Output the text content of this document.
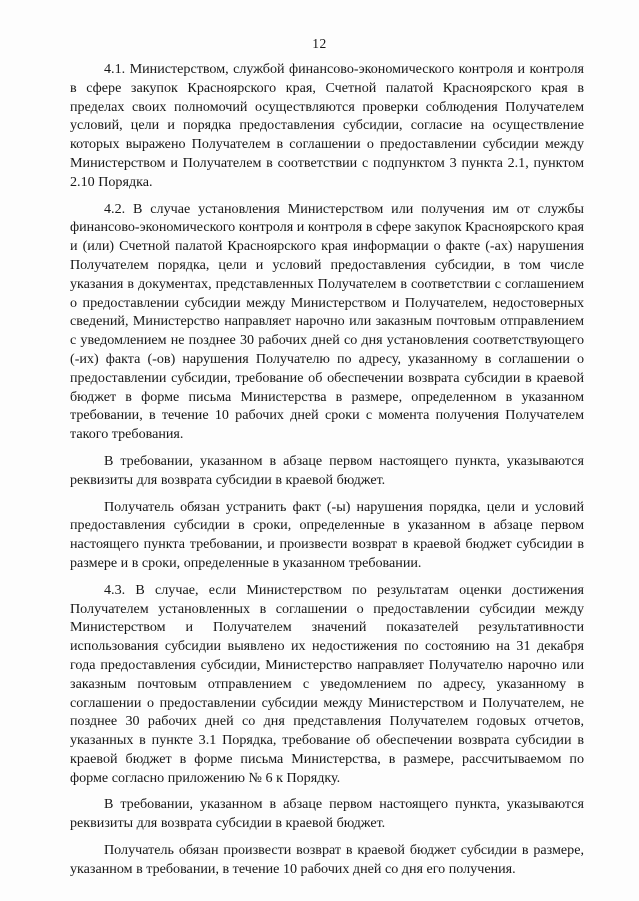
12

4.1. Министерством, службой финансово-экономического контроля и контроля в сфере закупок Красноярского края, Счетной палатой Красноярского края в пределах своих полномочий осуществляются проверки соблюдения Получателем условий, цели и порядка предоставления субсидии, согласие на осуществление которых выражено Получателем в соглашении о предоставлении субсидии между Министерством и Получателем в соответствии с подпунктом 3 пункта 2.1, пунктом 2.10 Порядка.

4.2. В случае установления Министерством или получения им от службы финансово-экономического контроля и контроля в сфере закупок Красноярского края и (или) Счетной палатой Красноярского края информации о факте (-ах) нарушения Получателем порядка, цели и условий предоставления субсидии, в том числе указания в документах, представленных Получателем в соответствии с соглашением о предоставлении субсидии между Министерством и Получателем, недостоверных сведений, Министерство направляет нарочно или заказным почтовым отправлением с уведомлением не позднее 30 рабочих дней со дня установления соответствующего (-их) факта (-ов) нарушения Получателю по адресу, указанному в соглашении о предоставлении субсидии, требование об обеспечении возврата субсидии в краевой бюджет в форме письма Министерства в размере, определенном в указанном требовании, в течение 10 рабочих дней сроки с момента получения Получателем такого требования.

В требовании, указанном в абзаце первом настоящего пункта, указываются реквизиты для возврата субсидии в краевой бюджет.

Получатель обязан устранить факт (-ы) нарушения порядка, цели и условий предоставления субсидии в сроки, определенные в указанном в абзаце первом настоящего пункта требовании, и произвести возврат в краевой бюджет субсидии в размере и в сроки, определенные в указанном требовании.

4.3. В случае, если Министерством по результатам оценки достижения Получателем установленных в соглашении о предоставлении субсидии между Министерством и Получателем значений показателей результативности использования субсидии выявлено их недостижения по состоянию на 31 декабря года предоставления субсидии, Министерство направляет Получателю нарочно или заказным почтовым отправлением с уведомлением по адресу, указанному в соглашении о предоставлении субсидии между Министерством и Получателем, не позднее 30 рабочих дней со дня представления Получателем годовых отчетов, указанных в пункте 3.1 Порядка, требование об обеспечении возврата субсидии в краевой бюджет в форме письма Министерства, в размере, рассчитываемом по форме согласно приложению № 6 к Порядку.

В требовании, указанном в абзаце первом настоящего пункта, указываются реквизиты для возврата субсидии в краевой бюджет.

Получатель обязан произвести возврат в краевой бюджет субсидии в размере, указанном в требовании, в течение 10 рабочих дней со дня его получения.
